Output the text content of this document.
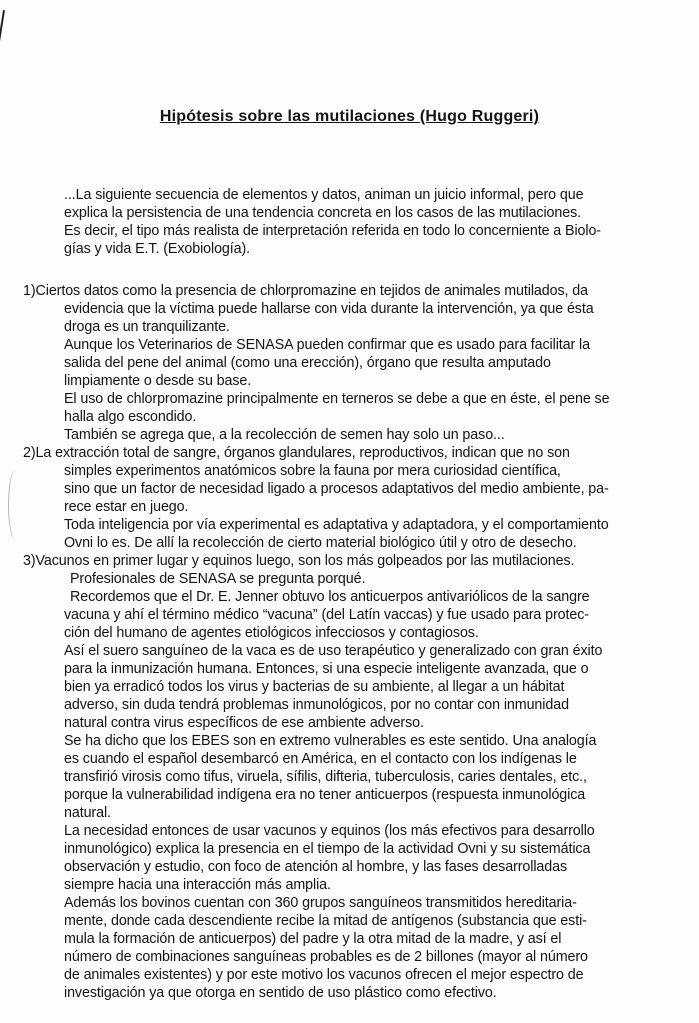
Hipótesis sobre las mutilaciones (Hugo Ruggeri)
...La siguiente secuencia de elementos y datos, animan un juicio informal, pero que
explica la persistencia de una tendencia concreta en los casos de las mutilaciones.
Es decir, el tipo más realista de interpretación referida en todo lo concerniente a Biolo-
gías y vida E.T. (Exobiología).
1)Ciertos datos como la presencia de chlorpromazine en tejidos de animales mutilados, da
evidencia que la víctima puede hallarse con vida durante la intervención, ya que ésta
droga es un tranquilizante.
Aunque los Veterinarios de SENASA pueden confirmar que es usado para facilitar la
salida del pene del animal (como una erección), órgano que resulta amputado
limpiamente o desde su base.
El uso de chlorpromazine principalmente en terneros se debe a que en éste, el pene se
halla algo escondido.
También se agrega que, a la recolección de semen hay solo un paso...
2)La extracción total de sangre, órganos glandulares, reproductivos, indican que no son
simples experimentos anatómicos sobre la fauna por mera curiosidad científica,
sino que un factor de necesidad ligado a procesos adaptativos del medio ambiente, pa-
rece estar en juego.
Toda inteligencia por vía experimental es adaptativa y adaptadora, y el comportamiento
Ovni lo es. De allí la recolección de cierto material biológico útil y otro de desecho.
3)Vacunos en primer lugar y equinos luego, son los más golpeados por las mutilaciones.
Profesionales de SENASA se pregunta porqué.
Recordemos que el Dr. E. Jenner obtuvo los anticuerpos antivariólicos de la sangre
vacuna y ahí el término médico “vacuna” (del Latín vaccas) y fue usado para protec-
ción del humano de agentes etiológicos infecciosos y contagiosos.
Así el suero sanguíneo de la vaca es de uso terapéutico y generalizado con gran éxito
para la inmunización humana. Entonces, si una especie inteligente avanzada, que o
bien ya erradicó todos los virus y bacterias de su ambiente, al llegar a un hábitat
adverso, sin duda tendrá problemas inmunológicos, por no contar con inmunidad
natural contra virus específicos de ese ambiente adverso.
Se ha dicho que los EBES son en extremo vulnerables es este sentido. Una analogía
es cuando el español desembarcó en América, en el contacto con los indígenas le
transfirió virosis como tifus, viruela, sífilis, difteria, tuberculosis, caries dentales, etc.,
porque la vulnerabilidad indígena era no tener anticuerpos (respuesta inmunológica
natural.
La necesidad entonces de usar vacunos y equinos (los más efectivos para desarrollo
inmunológico) explica la presencia en el tiempo de la actividad Ovni y su sistemática
observación y estudio, con foco de atención al hombre, y las fases desarrolladas
siempre hacia una interacción más amplia.
Además los bovinos cuentan con 360 grupos sanguíneos transmitidos hereditaria-
mente, donde cada descendiente recibe la mitad de antígenos (substancia que esti-
mula la formación de anticuerpos) del padre y la otra mitad de la madre, y así el
número de combinaciones sanguíneas probables es de 2 billones (mayor al número
de animales existentes) y por este motivo los vacunos ofrecen el mejor espectro de
investigación ya que otorga en sentido de uso plástico como efectivo.
